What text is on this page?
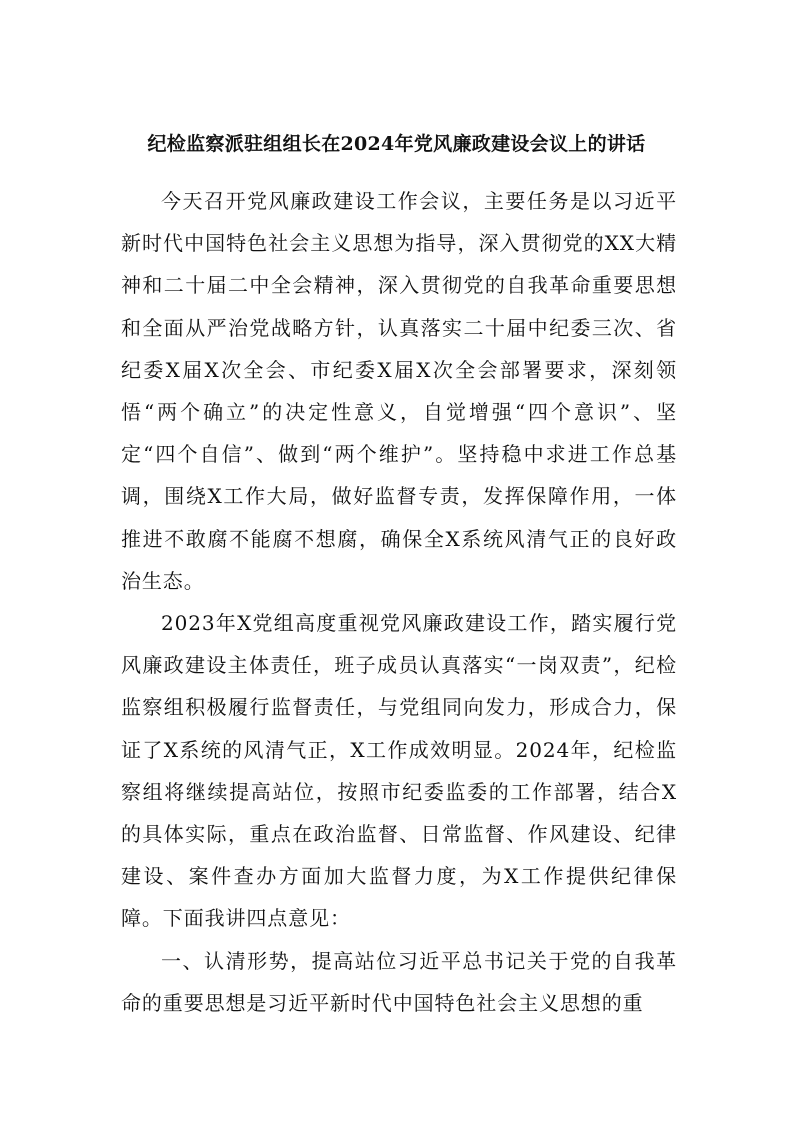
纪检监察派驻组组长在2024年党风廉政建设会议上的讲话

今天召开党风廉政建设工作会议，主要任务是以习近平新时代中国特色社会主义思想为指导，深入贯彻党的XX大精神和二十届二中全会精神，深入贯彻党的自我革命重要思想和全面从严治党战略方针，认真落实二十届中纪委三次、省纪委X届X次全会、市纪委X届X次全会部署要求，深刻领悟“两个确立”的决定性意义，自觉增强“四个意识”、坚定“四个自信”、做到“两个维护”。坚持稳中求进工作总基调，围绕X工作大局，做好监督专责，发挥保障作用，一体推进不敢腐不能腐不想腐，确保全X系统风清气正的良好政治生态。

2023年X党组高度重视党风廉政建设工作，踏实履行党风廉政建设主体责任，班子成员认真落实“一岗双责”，纪检监察组积极履行监督责任，与党组同向发力，形成合力，保证了X系统的风清气正，X工作成效明显。2024年，纪检监察组将继续提高站位，按照市纪委监委的工作部署，结合X的具体实际，重点在政治监督、日常监督、作风建设、纪律建设、案件查办方面加大监督力度，为X工作提供纪律保障。下面我讲四点意见：

一、认清形势，提高站位习近平总书记关于党的自我革命的重要思想是习近平新时代中国特色社会主义思想的重
